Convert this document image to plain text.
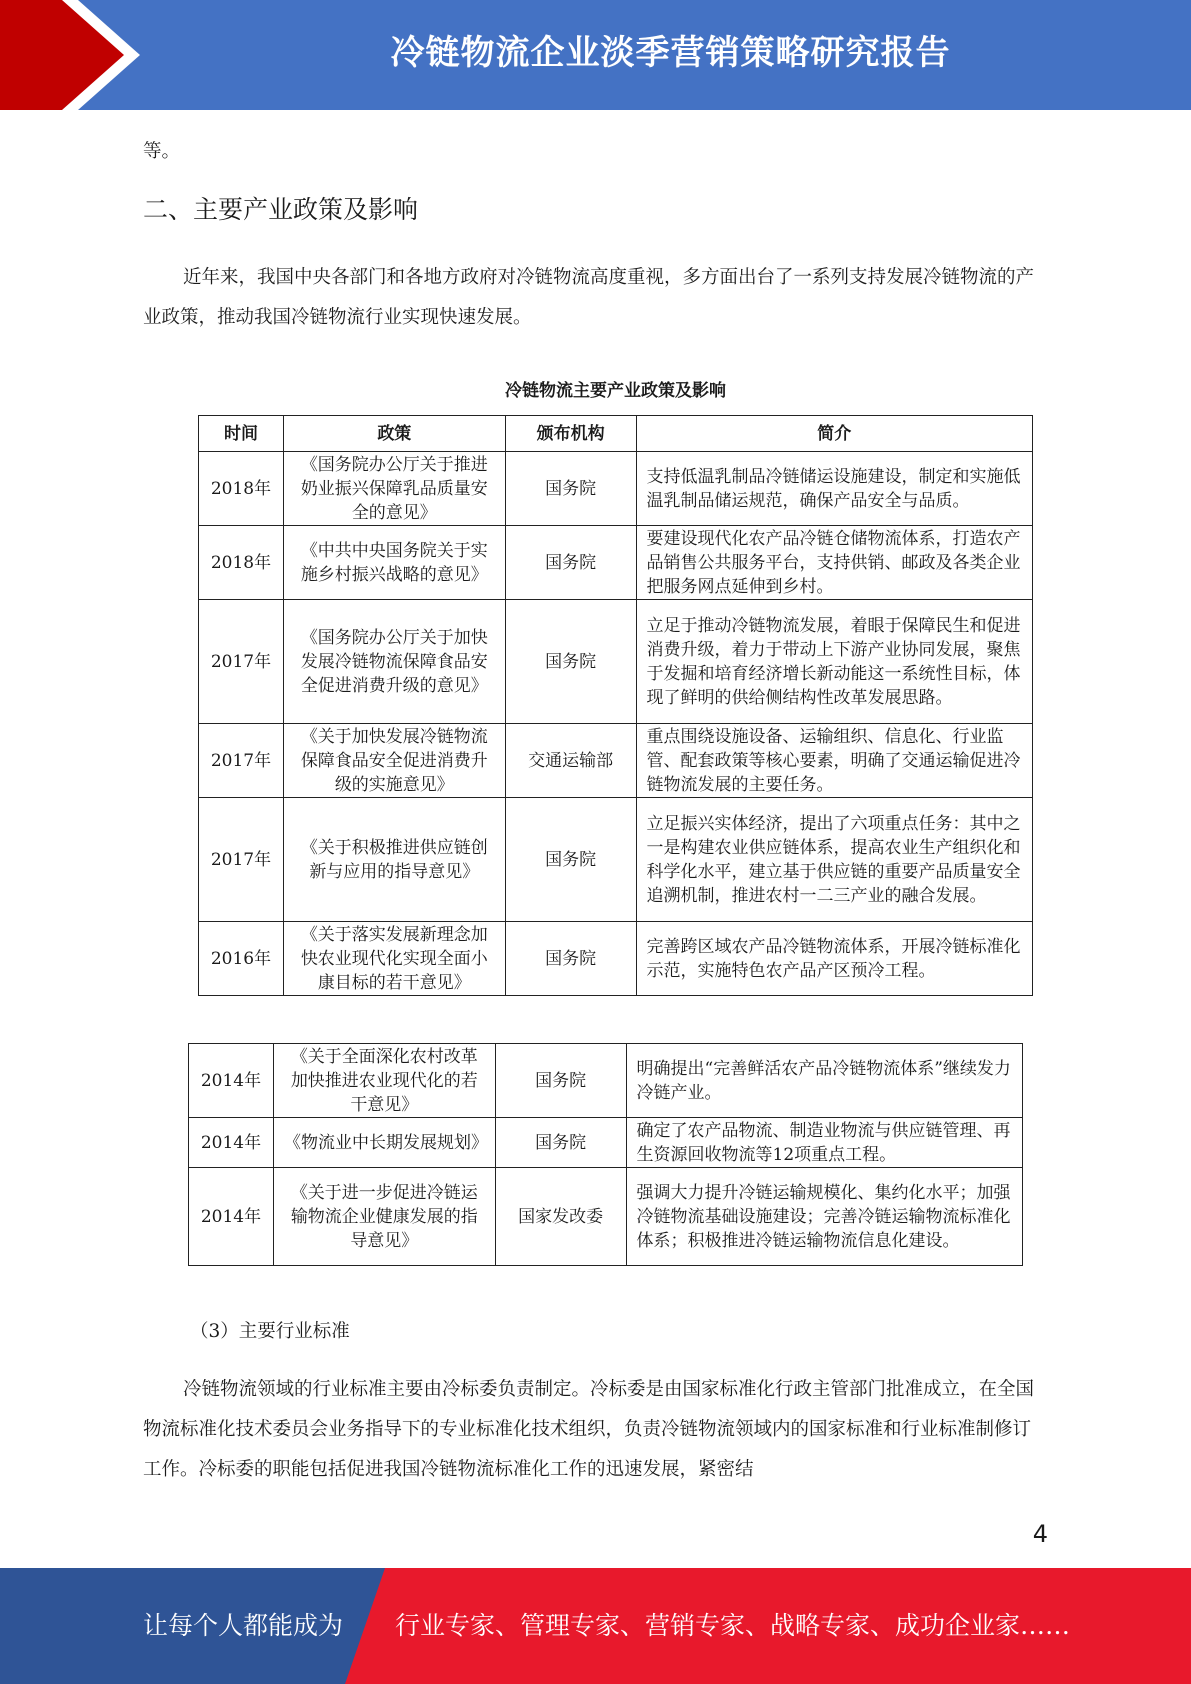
冷链物流企业淡季营销策略研究报告
等。
二、主要产业政策及影响

近年来，我国中央各部门和各地方政府对冷链物流高度重视，多方面出台了一系列支持发展冷链物流的产业政策，推动我国冷链物流行业实现快速发展。

冷链物流主要产业政策及影响
时间	政策	颁布机构	简介
2018年	《国务院办公厅关于推进奶业振兴保障乳品质量安全的意见》	国务院	支持低温乳制品冷链储运设施建设，制定和实施低温乳制品储运规范，确保产品安全与品质。
2018年	《中共中央国务院关于实施乡村振兴战略的意见》	国务院	要建设现代化农产品冷链仓储物流体系，打造农产品销售公共服务平台，支持供销、邮政及各类企业把服务网点延伸到乡村。
2017年	《国务院办公厅关于加快发展冷链物流保障食品安全促进消费升级的意见》	国务院	立足于推动冷链物流发展，着眼于保障民生和促进消费升级，着力于带动上下游产业协同发展，聚焦于发掘和培育经济增长新动能这一系统性目标，体现了鲜明的供给侧结构性改革发展思路。
2017年	《关于加快发展冷链物流保障食品安全促进消费升级的实施意见》	交通运输部	重点围绕设施设备、运输组织、信息化、行业监管、配套政策等核心要素，明确了交通运输促进冷链物流发展的主要任务。
2017年	《关于积极推进供应链创新与应用的指导意见》	国务院	立足振兴实体经济，提出了六项重点任务：其中之一是构建农业供应链体系，提高农业生产组织化和科学化水平，建立基于供应链的重要产品质量安全追溯机制，推进农村一二三产业的融合发展。
2016年	《关于落实发展新理念加快农业现代化实现全面小康目标的若干意见》	国务院	完善跨区域农产品冷链物流体系，开展冷链标准化示范，实施特色农产品产区预冷工程。
2014年	《关于全面深化农村改革加快推进农业现代化的若干意见》	国务院	明确提出“完善鲜活农产品冷链物流体系”继续发力冷链产业。
2014年	《物流业中长期发展规划》	国务院	确定了农产品物流、制造业物流与供应链管理、再生资源回收物流等12项重点工程。
2014年	《关于进一步促进冷链运输物流企业健康发展的指导意见》	国家发改委	强调大力提升冷链运输规模化、集约化水平；加强冷链物流基础设施建设；完善冷链运输物流标准化体系；积极推进冷链运输物流信息化建设。
（3）主要行业标准

冷链物流领域的行业标准主要由冷标委负责制定。冷标委是由国家标准化行政主管部门批准成立，在全国物流标准化技术委员会业务指导下的专业标准化技术组织，负责冷链物流领域内的国家标准和行业标准制修订工作。冷标委的职能包括促进我国冷链物流标准化工作的迅速发展，紧密结

4
让每个人都能成为 行业专家、管理专家、营销专家、战略专家、成功企业家……
